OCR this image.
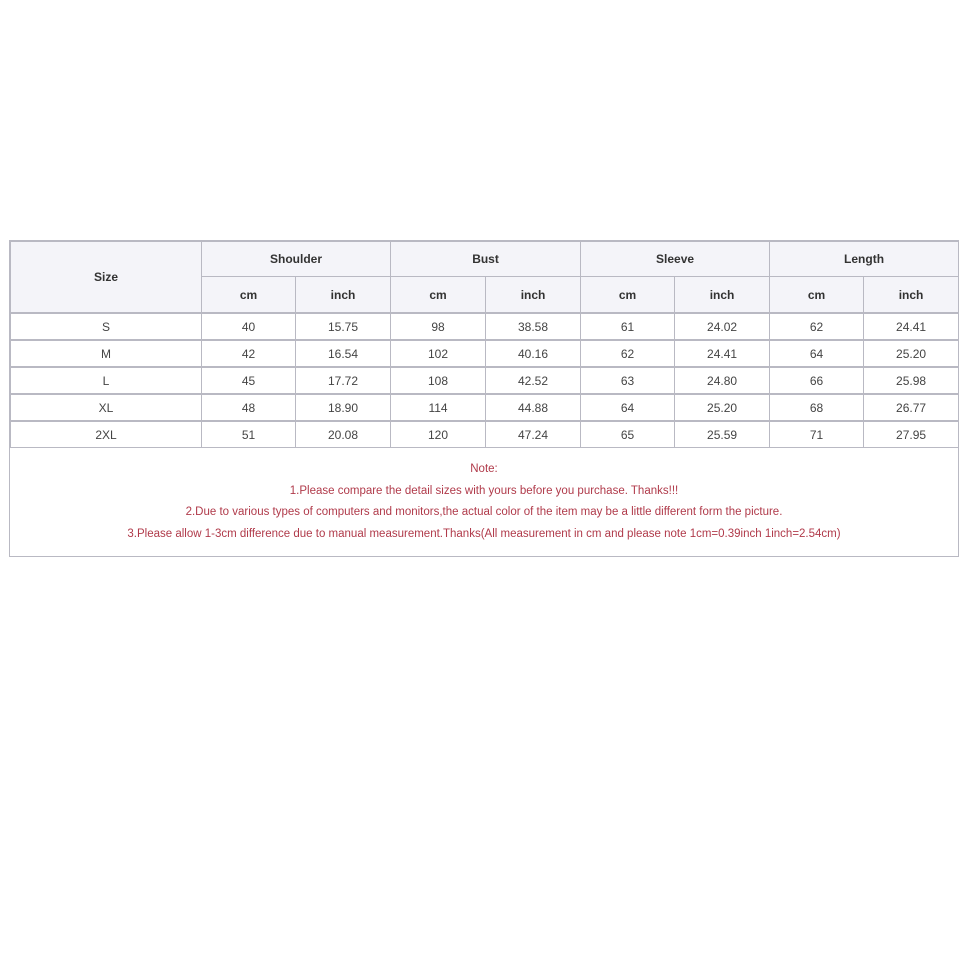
Size	Shoulder		Bust		Sleeve		Length	
	cm	inch	cm	inch	cm	inch	cm	inch
S	40	15.75	98	38.58	61	24.02	62	24.41
M	42	16.54	102	40.16	62	24.41	64	25.20
L	45	17.72	108	42.52	63	24.80	66	25.98
XL	48	18.90	114	44.88	64	25.20	68	26.77
2XL	51	20.08	120	47.24	65	25.59	71	27.95
Note:
1.Please compare the detail sizes with yours before you purchase. Thanks!!!
2.Due to various types of computers and monitors,the actual color of the item may be a little different form the picture.
3.Please allow 1-3cm difference due to manual measurement.Thanks(All measurement in cm and please note 1cm=0.39inch 1inch=2.54cm)
